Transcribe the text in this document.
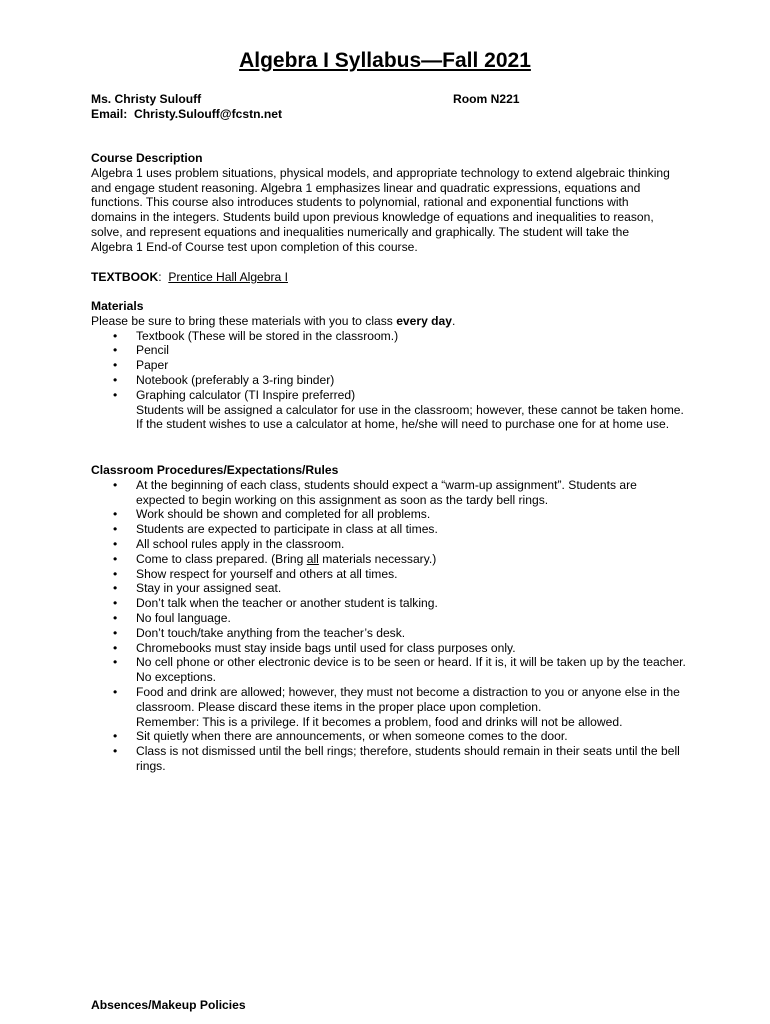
Algebra I Syllabus—Fall 2021
Ms. Christy Sulouff	Room N221
Email: Christy.Sulouff@fcstn.net
Course Description
Algebra 1 uses problem situations, physical models, and appropriate technology to extend algebraic thinking and engage student reasoning. Algebra 1 emphasizes linear and quadratic expressions, equations and functions. This course also introduces students to polynomial, rational and exponential functions with domains in the integers. Students build upon previous knowledge of equations and inequalities to reason, solve, and represent equations and inequalities numerically and graphically. The student will take the Algebra 1 End-of Course test upon completion of this course.
TEXTBOOK: Prentice Hall Algebra I
Materials
Please be sure to bring these materials with you to class every day.
• Textbook (These will be stored in the classroom.)
• Pencil
• Paper
• Notebook (preferably a 3-ring binder)
• Graphing calculator (TI Inspire preferred)
Students will be assigned a calculator for use in the classroom; however, these cannot be taken home. If the student wishes to use a calculator at home, he/she will need to purchase one for at home use.
Classroom Procedures/Expectations/Rules
• At the beginning of each class, students should expect a “warm-up assignment”. Students are expected to begin working on this assignment as soon as the tardy bell rings.
• Work should be shown and completed for all problems.
• Students are expected to participate in class at all times.
• All school rules apply in the classroom.
• Come to class prepared. (Bring all materials necessary.)
• Show respect for yourself and others at all times.
• Stay in your assigned seat.
• Don’t talk when the teacher or another student is talking.
• No foul language.
• Don’t touch/take anything from the teacher’s desk.
• Chromebooks must stay inside bags until used for class purposes only.
• No cell phone or other electronic device is to be seen or heard. If it is, it will be taken up by the teacher. No exceptions.
• Food and drink are allowed; however, they must not become a distraction to you or anyone else in the classroom. Please discard these items in the proper place upon completion.
Remember: This is a privilege. If it becomes a problem, food and drinks will not be allowed.
• Sit quietly when there are announcements, or when someone comes to the door.
• Class is not dismissed until the bell rings; therefore, students should remain in their seats until the bell rings.
Absences/Makeup Policies
